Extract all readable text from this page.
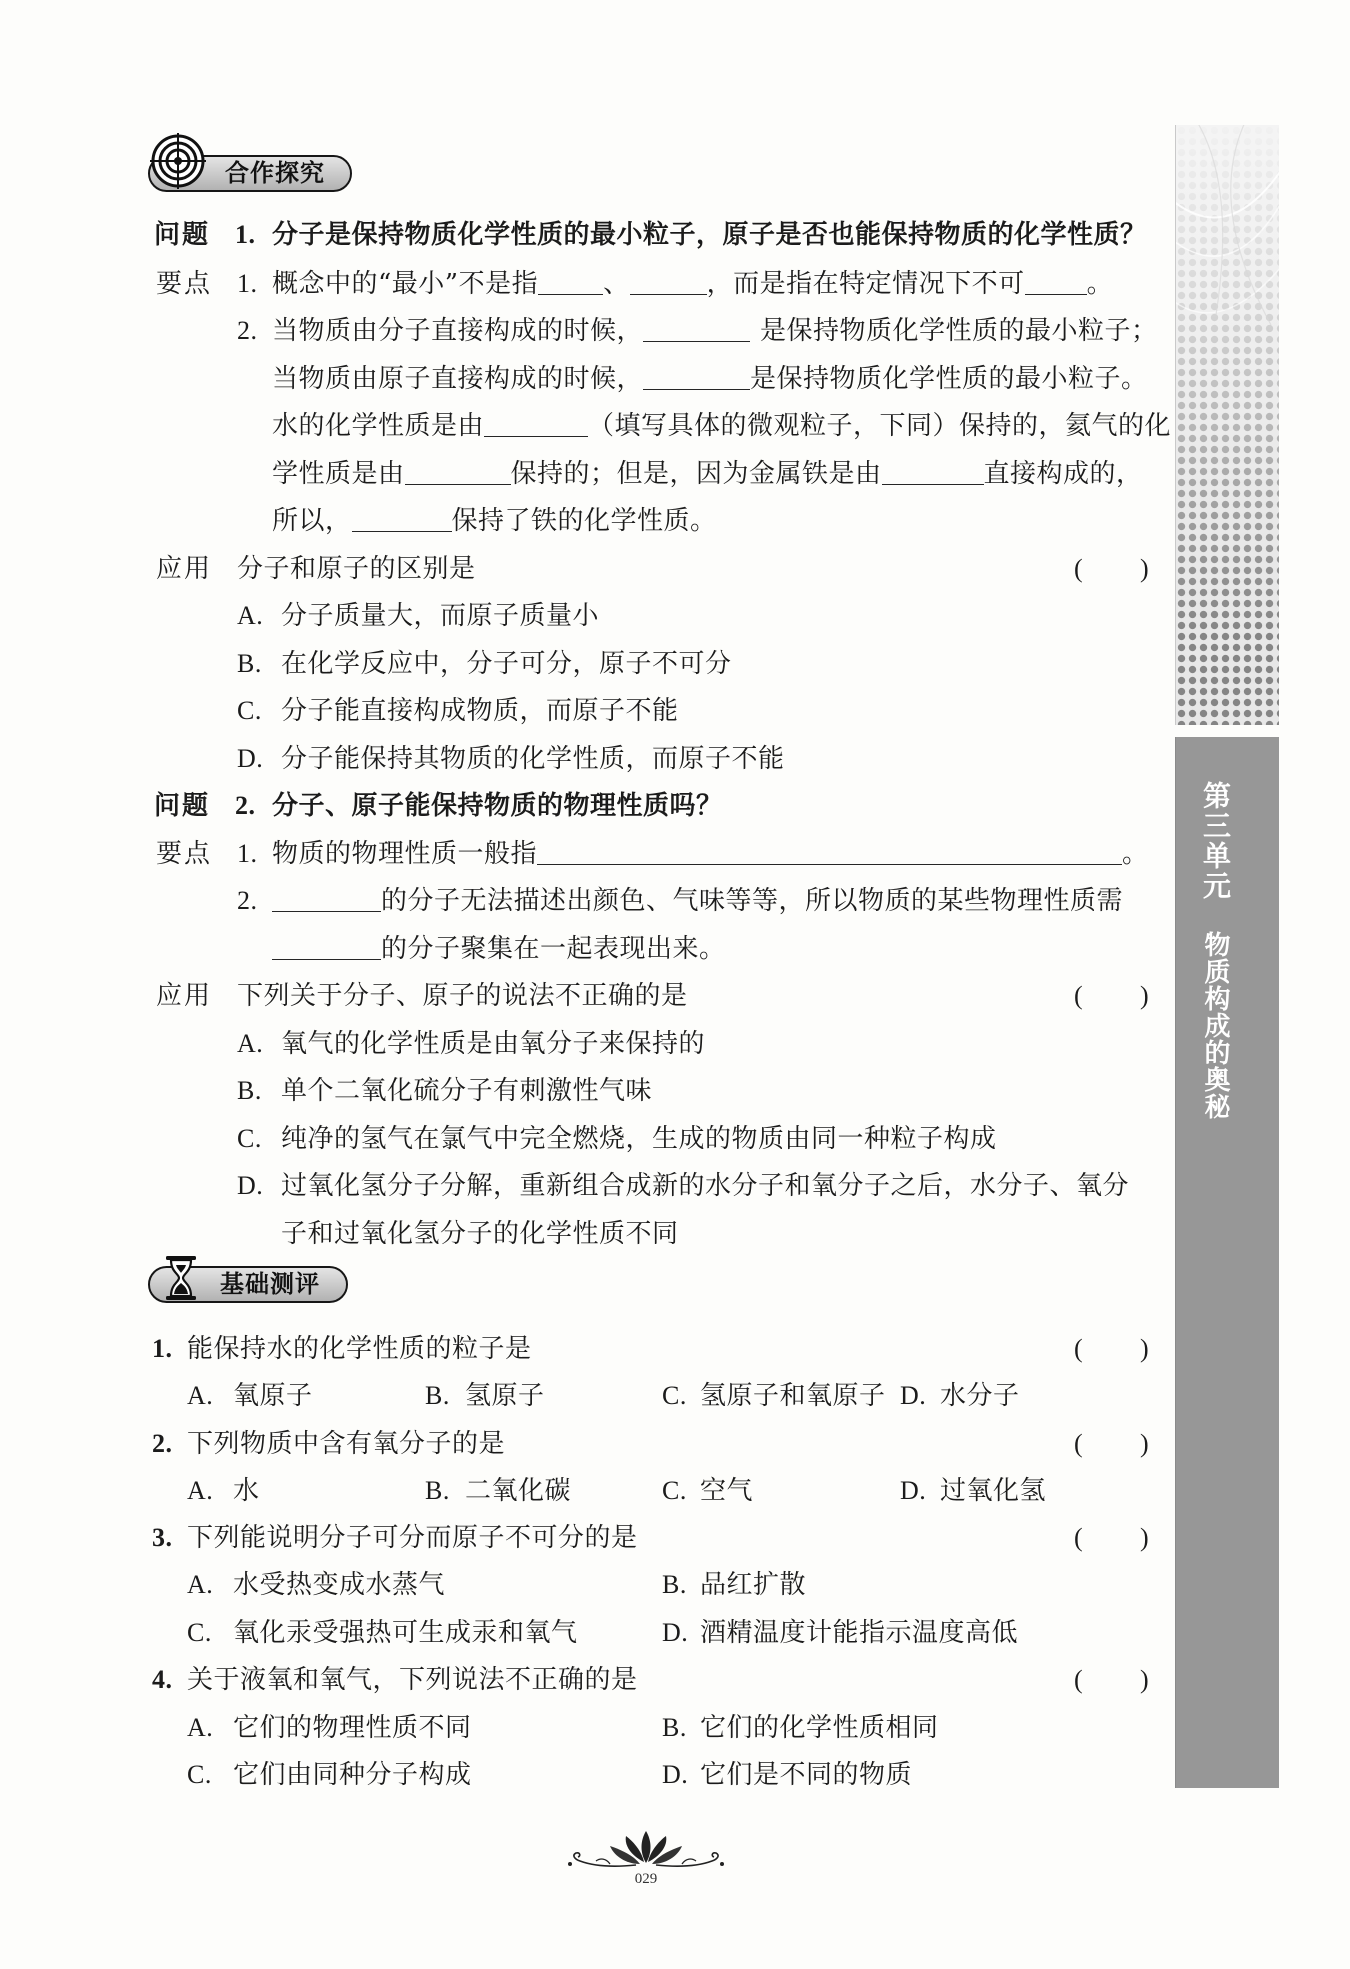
第三单元
物质构成的奥秘
合作探究
问题 1. 分子是保持物质化学性质的最小粒子，原子是否也能保持物质的化学性质？
要点 1. 概念中的“最小”不是指	、	，而是指在特定情况下不可 。
2. 当物质由分子直接构成的时候，	是保持物质化学性质的最小粒子；
当物质由原子直接构成的时候，	是保持物质化学性质的最小粒子。
水的化学性质是由	（填写具体的微观粒子，下同）保持的，氦气的化
学性质是由	保持的；但是，因为金属铁是由	直接构成的，
所以，	保持了铁的化学性质。
应用 分子和原子的区别是	( )
A. 分子质量大，而原子质量小
B. 在化学反应中，分子可分，原子不可分
C. 分子能直接构成物质，而原子不能
D. 分子能保持其物质的化学性质，而原子不能
问题 2. 分子、原子能保持物质的物理性质吗？
要点 1. 物质的物理性质一般指	。
2.	的分子无法描述出颜色、气味等等，所以物质的某些物理性质需
的分子聚集在一起表现出来。
应用 下列关于分子、原子的说法不正确的是	( )
A. 氧气的化学性质是由氧分子来保持的
B. 单个二氧化硫分子有刺激性气味
C. 纯净的氢气在氯气中完全燃烧，生成的物质由同一种粒子构成
D. 过氧化氢分子分解，重新组合成新的水分子和氧分子之后，水分子、氧分
子和过氧化氢分子的化学性质不同
基础测评
1. 能保持水的化学性质的粒子是	( )
A. 氧原子	B. 氢原子	C. 氢原子和氧原子 D. 水分子
2. 下列物质中含有氧分子的是	( )
A. 水	B. 二氧化碳	C. 空气	D. 过氧化氢
3. 下列能说明分子可分而原子不可分的是	( )
A. 水受热变成水蒸气	B. 品红扩散
C. 氧化汞受强热可生成汞和氧气	D. 酒精温度计能指示温度高低
4. 关于液氧和氧气，下列说法不正确的是	( )
A. 它们的物理性质不同	B. 它们的化学性质相同
C. 它们由同种分子构成	D. 它们是不同的物质
029
